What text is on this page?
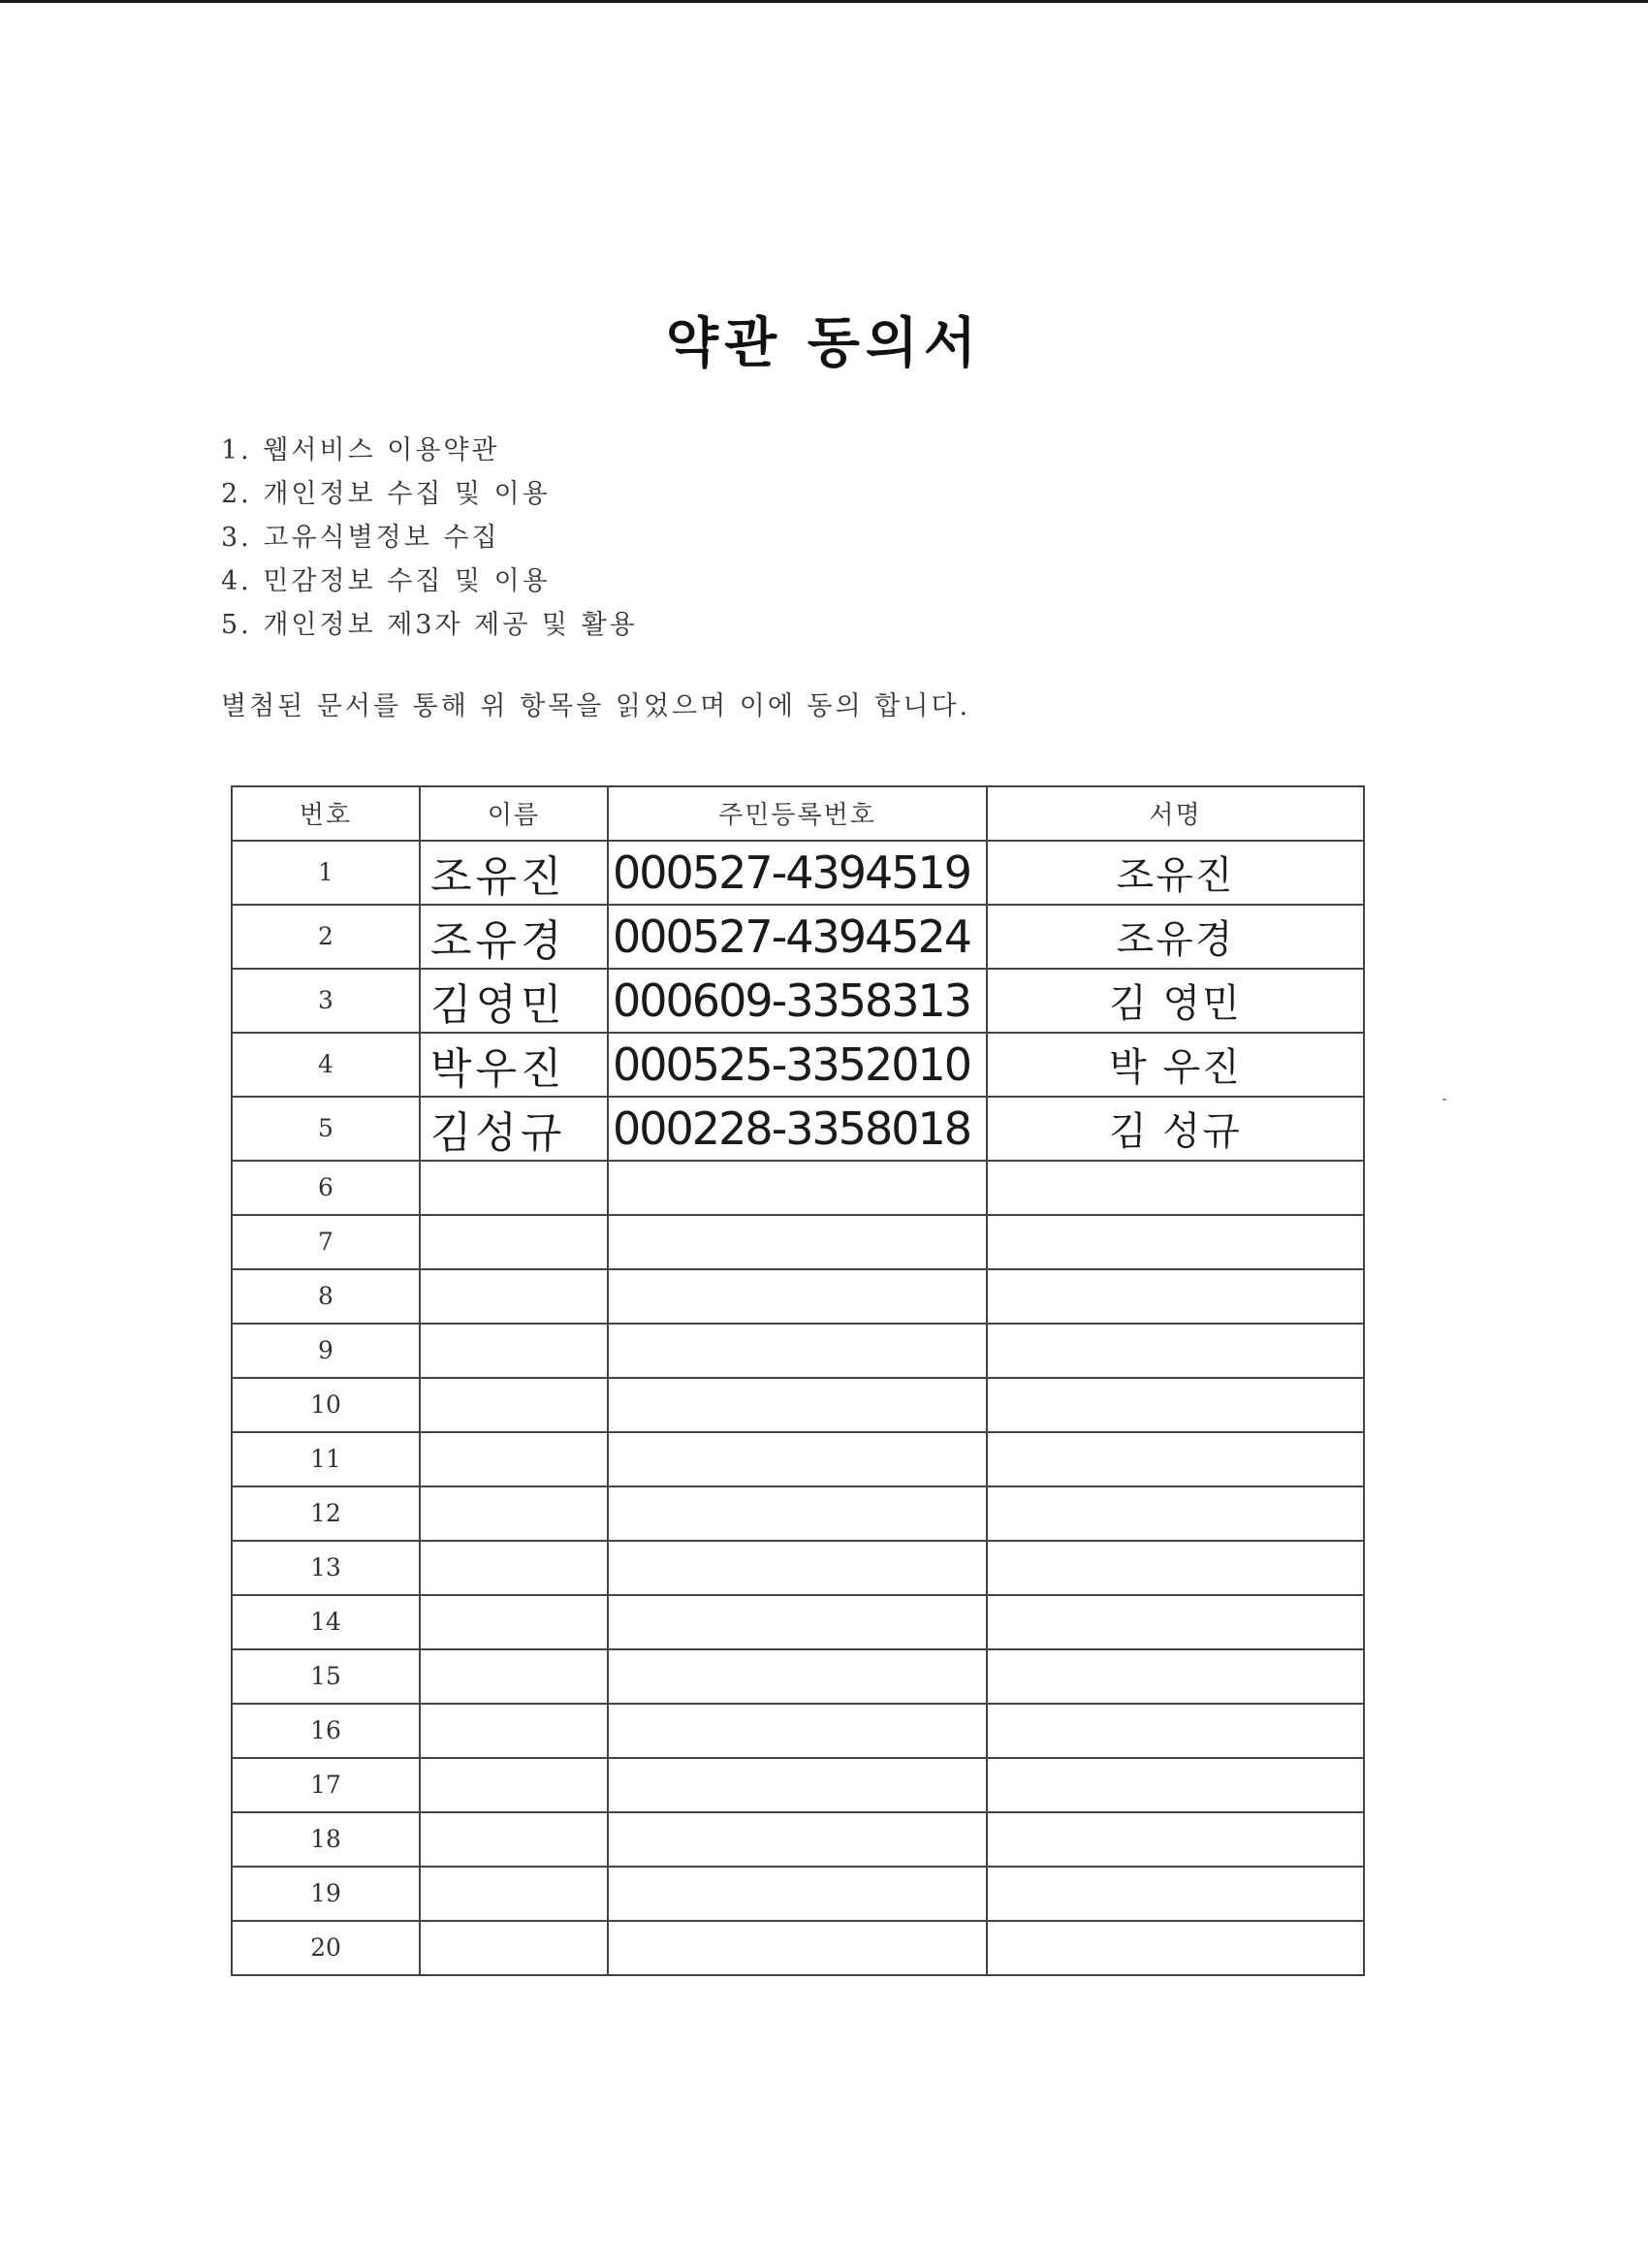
약관 동의서
1. 웹서비스 이용약관
2. 개인정보 수집 및 이용
3. 고유식별정보 수집
4. 민감정보 수집 및 이용
5. 개인정보 제3자 제공 및 활용
별첨된 문서를 통해 위 항목을 읽었으며 이에 동의 합니다.
번호	이름	주민등록번호	서명
1	조유진	000527-4394519	조유진
2	조유경	000527-4394524	조유경
3	김영민	000609-3358313	김 영민
4	박우진	000525-3352010	박 우진
5	김성규	000228-3358018	김 성규
6			
7			
8			
9			
10			
11			
12			
13			
14			
15			
16			
17			
18			
19			
20			
